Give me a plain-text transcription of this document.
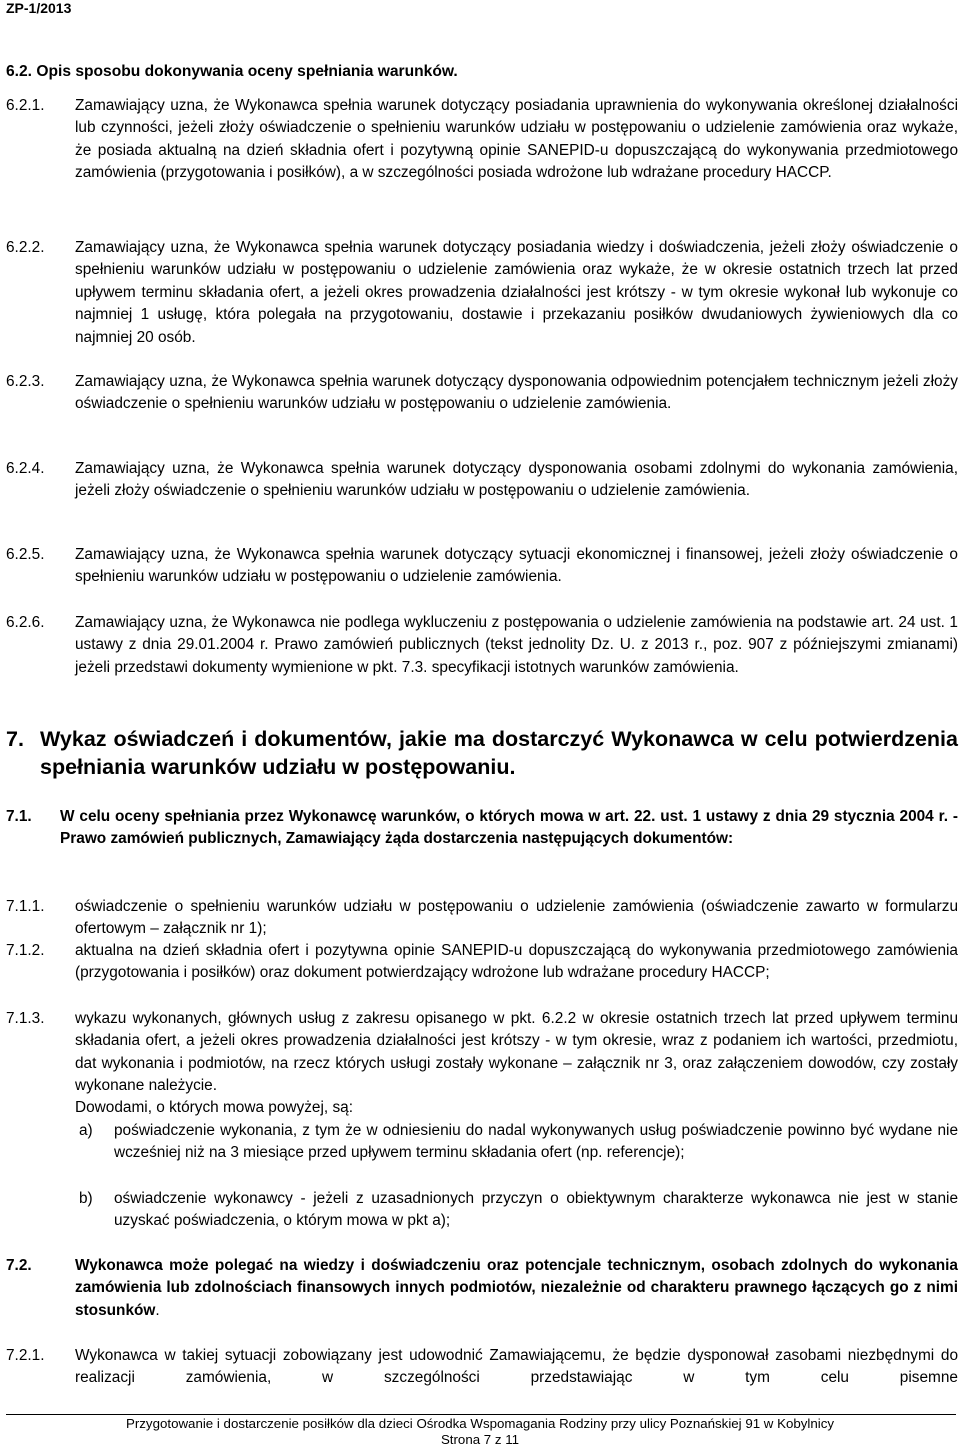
ZP-1/2013
6.2. Opis sposobu dokonywania oceny spełniania warunków.
6.2.1. Zamawiający uzna, że Wykonawca spełnia warunek dotyczący posiadania uprawnienia do wykonywania określonej działalności lub czynności, jeżeli złoży oświadczenie o spełnieniu warunków udziału w postępowaniu o udzielenie zamówienia oraz wykaże, że posiada aktualną na dzień składnia ofert i pozytywną opinie SANEPID-u dopuszczającą do wykonywania przedmiotowego zamówienia (przygotowania i posiłków), a w szczególności posiada wdrożone lub wdrażane procedury HACCP.
6.2.2. Zamawiający uzna, że Wykonawca spełnia warunek dotyczący posiadania wiedzy i doświadczenia, jeżeli złoży oświadczenie o spełnieniu warunków udziału w postępowaniu o udzielenie zamówienia oraz wykaże, że w okresie ostatnich trzech lat przed upływem terminu składania ofert, a jeżeli okres prowadzenia działalności jest krótszy - w tym okresie wykonał lub wykonuje co najmniej 1 usługę, która polegała na przygotowaniu, dostawie i przekazaniu posiłków dwudaniowych żywieniowych dla co najmniej 20 osób.
6.2.3. Zamawiający uzna, że Wykonawca spełnia warunek dotyczący dysponowania odpowiednim potencjałem technicznym jeżeli złoży oświadczenie o spełnieniu warunków udziału w postępowaniu o udzielenie zamówienia.
6.2.4. Zamawiający uzna, że Wykonawca spełnia warunek dotyczący dysponowania osobami zdolnymi do wykonania zamówienia, jeżeli złoży oświadczenie o spełnieniu warunków udziału w postępowaniu o udzielenie zamówienia.
6.2.5. Zamawiający uzna, że Wykonawca spełnia warunek dotyczący sytuacji ekonomicznej i finansowej, jeżeli złoży oświadczenie o spełnieniu warunków udziału w postępowaniu o udzielenie zamówienia.
6.2.6. Zamawiający uzna, że Wykonawca nie podlega wykluczeniu z postępowania o udzielenie zamówienia na podstawie art. 24 ust. 1 ustawy z dnia 29.01.2004 r. Prawo zamówień publicznych (tekst jednolity Dz. U. z 2013 r., poz. 907 z późniejszymi zmianami) jeżeli przedstawi dokumenty wymienione w pkt. 7.3. specyfikacji istotnych warunków zamówienia.
7. Wykaz oświadczeń i dokumentów, jakie ma dostarczyć Wykonawca w celu potwierdzenia spełniania warunków udziału w postępowaniu.
7.1. W celu oceny spełniania przez Wykonawcę warunków, o których mowa w art. 22. ust. 1 ustawy z dnia 29 stycznia 2004 r. - Prawo zamówień publicznych, Zamawiający żąda dostarczenia następujących dokumentów:
7.1.1. oświadczenie o spełnieniu warunków udziału w postępowaniu o udzielenie zamówienia (oświadczenie zawarto w formularzu ofertowym – załącznik nr 1);
7.1.2. aktualna na dzień składnia ofert i pozytywna opinie SANEPID-u dopuszczającą do wykonywania przedmiotowego zamówienia (przygotowania i posiłków) oraz dokument potwierdzający wdrożone lub wdrażane procedury HACCP;
7.1.3. wykazu wykonanych, głównych usług z zakresu opisanego w pkt. 6.2.2 w okresie ostatnich trzech lat przed upływem terminu składania ofert, a jeżeli okres prowadzenia działalności jest krótszy - w tym okresie, wraz z podaniem ich wartości, przedmiotu, dat wykonania i podmiotów, na rzecz których usługi zostały wykonane – załącznik nr 3, oraz załączeniem dowodów, czy zostały wykonane należycie.
Dowodami, o których mowa powyżej, są:
a) poświadczenie wykonania, z tym że w odniesieniu do nadal wykonywanych usług poświadczenie powinno być wydane nie wcześniej niż na 3 miesiące przed upływem terminu składania ofert (np. referencje);
b) oświadczenie wykonawcy - jeżeli z uzasadnionych przyczyn o obiektywnym charakterze wykonawca nie jest w stanie uzyskać poświadczenia, o którym mowa w pkt a);
7.2.	Wykonawca może polegać na wiedzy i doświadczeniu oraz potencjale technicznym, osobach zdolnych do wykonania zamówienia lub zdolnościach finansowych innych podmiotów, niezależnie od charakteru prawnego łączących go z nimi stosunków.
7.2.1. Wykonawca w takiej sytuacji zobowiązany jest udowodnić Zamawiającemu, że będzie dysponował zasobami niezbędnymi do realizacji zamówienia, w szczególności przedstawiając w tym celu pisemne
Przygotowanie i dostarczenie posiłków dla dzieci Ośrodka Wspomagania Rodziny przy ulicy Poznańskiej 91 w Kobylnicy
Strona 7 z 11
